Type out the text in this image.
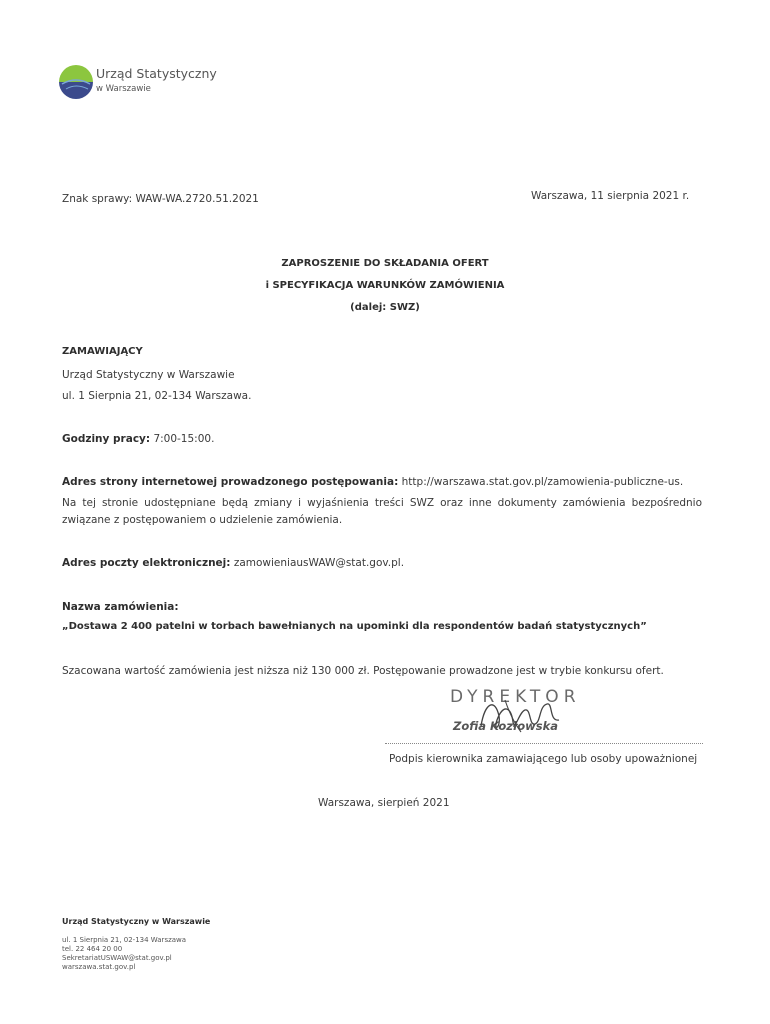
Urząd Statystyczny
w Warszawie
Znak sprawy: WAW-WA.2720.51.2021	Warszawa, 11 sierpnia 2021 r.
ZAPROSZENIE DO SKŁADANIA OFERT
i SPECYFIKACJA WARUNKÓW ZAMÓWIENIA
(dalej: SWZ)
ZAMAWIAJĄCY
Urząd Statystyczny w Warszawie
ul. 1 Sierpnia 21, 02-134 Warszawa.
Godziny pracy: 7:00-15:00.
Adres strony internetowej prowadzonego postępowania: http://warszawa.stat.gov.pl/zamowienia-publiczne-us.
Na tej stronie udostępniane będą zmiany i wyjaśnienia treści SWZ oraz inne dokumenty zamówienia bezpośrednio związane z postępowaniem o udzielenie zamówienia.
Adres poczty elektronicznej: zamowieniausWAW@stat.gov.pl.
Nazwa zamówienia:
„Dostawa 2 400 patelni w torbach bawełnianych na upominki dla respondentów badań statystycznych”
Szacowana wartość zamówienia jest niższa niż 130 000 zł. Postępowanie prowadzone jest w trybie konkursu ofert.
DYREKTOR
Zofia Kozłowska
Podpis kierownika zamawiającego lub osoby upoważnionej
Warszawa, sierpień 2021
Urząd Statystyczny w Warszawie
ul. 1 Sierpnia 21, 02-134 Warszawa
tel. 22 464 20 00
SekretariatUSWAW@stat.gov.pl
warszawa.stat.gov.pl
